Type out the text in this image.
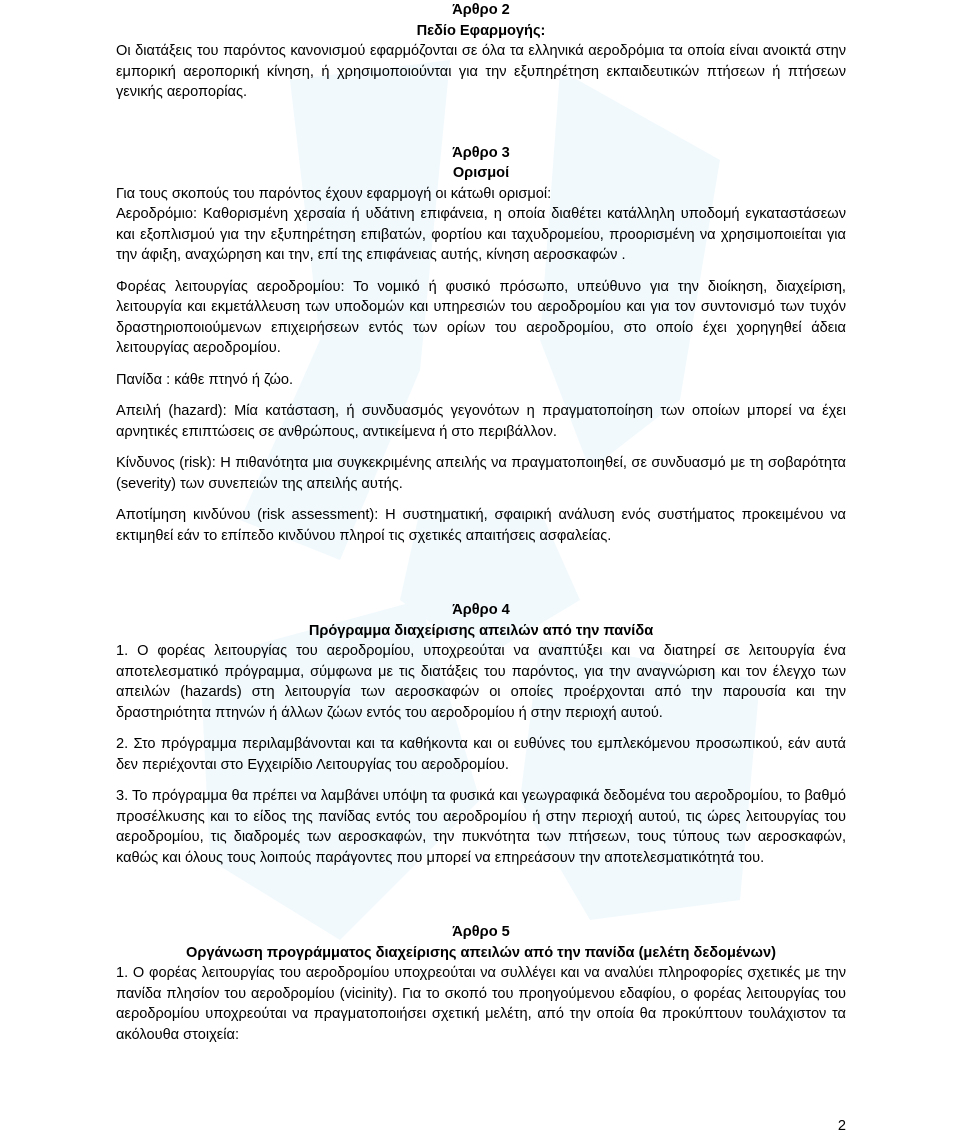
Άρθρο 2

Πεδίο Εφαρμογής:

Οι διατάξεις του παρόντος κανονισμού εφαρμόζονται σε όλα τα ελληνικά αεροδρόμια τα οποία είναι ανοικτά στην εμπορική αεροπορική κίνηση, ή χρησιμοποιούνται για την εξυπηρέτηση εκπαιδευτικών πτήσεων ή πτήσεων γενικής αεροπορίας.

Άρθρο 3

Ορισμοί

Για τους σκοπούς του παρόντος έχουν εφαρμογή οι κάτωθι ορισμοί:

Αεροδρόμιο: Καθορισμένη χερσαία ή υδάτινη επιφάνεια, η οποία διαθέτει κατάλληλη υποδομή εγκαταστάσεων και εξοπλισμού για την εξυπηρέτηση επιβατών, φορτίου και ταχυδρομείου, προορισμένη να χρησιμοποιείται για την άφιξη, αναχώρηση και την, επί της επιφάνειας αυτής, κίνηση αεροσκαφών .

Φορέας λειτουργίας αεροδρομίου: Το νομικό ή φυσικό πρόσωπο, υπεύθυνο για την διοίκηση, διαχείριση, λειτουργία και εκμετάλλευση των υποδομών και υπηρεσιών του αεροδρομίου και για τον συντονισμό των τυχόν δραστηριοποιούμενων επιχειρήσεων εντός των ορίων του αεροδρομίου, στο οποίο έχει χορηγηθεί άδεια λειτουργίας αεροδρομίου.

Πανίδα : κάθε πτηνό ή ζώο.

Απειλή (hazard): Μία κατάσταση, ή συνδυασμός γεγονότων η πραγματοποίηση των οποίων μπορεί να έχει αρνητικές επιπτώσεις σε ανθρώπους, αντικείμενα ή στο περιβάλλον.

Κίνδυνος (risk): Η πιθανότητα μια συγκεκριμένης απειλής να πραγματοποιηθεί, σε συνδυασμό με τη σοβαρότητα (severity) των συνεπειών της απειλής αυτής.

Αποτίμηση κινδύνου (risk assessment): Η συστηματική, σφαιρική ανάλυση ενός συστήματος προκειμένου να εκτιμηθεί εάν το επίπεδο κινδύνου πληροί τις σχετικές απαιτήσεις ασφαλείας.

Άρθρο 4

Πρόγραμμα διαχείρισης απειλών από την πανίδα

1. Ο φορέας λειτουργίας του αεροδρομίου, υποχρεούται να αναπτύξει και να διατηρεί σε λειτουργία ένα αποτελεσματικό πρόγραμμα, σύμφωνα με τις διατάξεις του παρόντος, για την αναγνώριση και τον έλεγχο των απειλών (hazards) στη λειτουργία των αεροσκαφών οι οποίες προέρχονται από την παρουσία και την δραστηριότητα πτηνών ή άλλων ζώων εντός του αεροδρομίου ή στην περιοχή αυτού.

2. Στο πρόγραμμα περιλαμβάνονται και τα καθήκοντα και οι ευθύνες του εμπλεκόμενου προσωπικού, εάν αυτά δεν περιέχονται στο Εγχειρίδιο Λειτουργίας του αεροδρομίου.

3. Το πρόγραμμα θα πρέπει να λαμβάνει υπόψη τα φυσικά και γεωγραφικά δεδομένα του αεροδρομίου, το βαθμό προσέλκυσης και το είδος της πανίδας εντός του αεροδρομίου ή στην περιοχή αυτού, τις ώρες λειτουργίας του αεροδρομίου, τις διαδρομές των αεροσκαφών, την πυκνότητα των πτήσεων, τους τύπους των αεροσκαφών, καθώς και όλους τους λοιπούς παράγοντες που μπορεί να επηρεάσουν την αποτελεσματικότητά του.

Άρθρο 5

Οργάνωση προγράμματος διαχείρισης απειλών από την πανίδα (μελέτη δεδομένων)

1. Ο φορέας λειτουργίας του αεροδρομίου υποχρεούται να συλλέγει και να αναλύει πληροφορίες σχετικές με την πανίδα πλησίον του αεροδρομίου (vicinity). Για το σκοπό του προηγούμενου εδαφίου, ο φορέας λειτουργίας του αεροδρομίου υποχρεούται να πραγματοποιήσει σχετική μελέτη, από την οποία θα προκύπτουν τουλάχιστον τα ακόλουθα στοιχεία:

2
